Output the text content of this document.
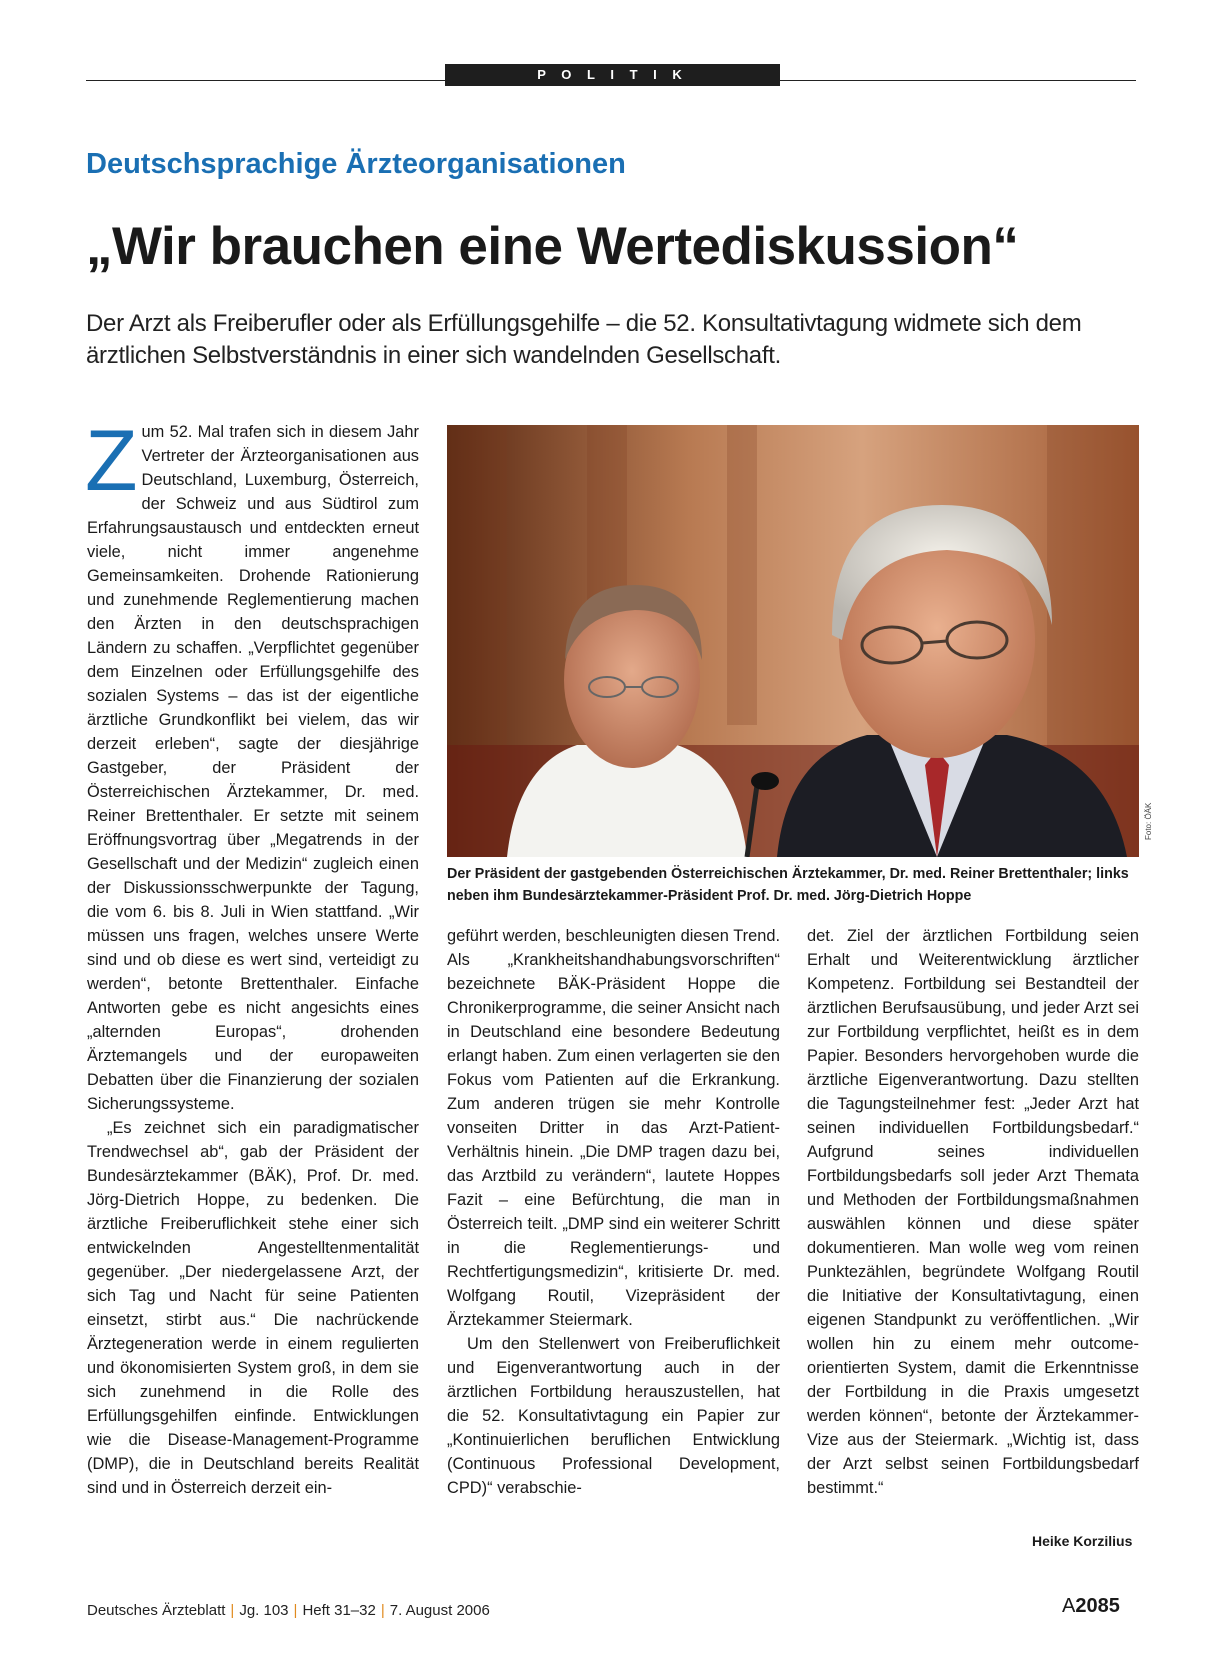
P O L I T I K
Deutschsprachige Ärzteorganisationen
„Wir brauchen eine Wertediskussion“

Der Arzt als Freiberufler oder als Erfüllungsgehilfe – die 52. Konsultativtagung widmete sich dem ärztlichen Selbstverständnis in einer sich wandelnden Gesellschaft.

Zum 52. Mal trafen sich in diesem Jahr Vertreter der Ärzteorganisationen aus Deutschland, Luxemburg, Österreich, der Schweiz und aus Südtirol zum Erfahrungsaustausch und entdeckten erneut viele, nicht immer angenehme Gemeinsamkeiten. Drohende Rationierung und zunehmende Reglementierung machen den Ärzten in den deutschsprachigen Ländern zu schaffen. „Verpflichtet gegenüber dem Einzelnen oder Erfüllungsgehilfe des sozialen Systems – das ist der eigentliche ärztliche Grundkonflikt bei vielem, das wir derzeit erleben“, sagte der diesjährige Gastgeber, der Präsident der Österreichischen Ärztekammer, Dr. med. Reiner Brettenthaler. Er setzte mit seinem Eröffnungsvortrag über „Megatrends in der Gesellschaft und der Medizin“ zugleich einen der Diskussionsschwerpunkte der Tagung, die vom 6. bis 8. Juli in Wien stattfand. „Wir müssen uns fragen, welches unsere Werte sind und ob diese es wert sind, verteidigt zu werden“, betonte Brettenthaler. Einfache Antworten gebe es nicht angesichts eines „alternden Europas“, drohenden Ärztemangels und der europaweiten Debatten über die Finanzierung der sozialen Sicherungssysteme.

„Es zeichnet sich ein paradigmatischer Trendwechsel ab“, gab der Präsident der Bundesärztekammer (BÄK), Prof. Dr. med. Jörg-Dietrich Hoppe, zu bedenken. Die ärztliche Freiberuflichkeit stehe einer sich entwickelnden Angestelltenmentalität gegenüber. „Der niedergelassene Arzt, der sich Tag und Nacht für seine Patienten einsetzt, stirbt aus.“ Die nachrückende Ärztegeneration werde in einem regulierten und ökonomisierten System groß, in dem sie sich zunehmend in die Rolle des Erfüllungsgehilfen einfinde. Entwicklungen wie die Disease-Management-Programme (DMP), die in Deutschland bereits Realität sind und in Österreich derzeit ein-

Foto: ÖÄK

Der Präsident der gastgebenden Österreichischen Ärztekammer, Dr. med. Reiner Brettenthaler; links neben ihm Bundesärztekammer-Präsident Prof. Dr. med. Jörg-Dietrich Hoppe

geführt werden, beschleunigten diesen Trend. Als „Krankheitshandhabungsvorschriften“ bezeichnete BÄK-Präsident Hoppe die Chronikerprogramme, die seiner Ansicht nach in Deutschland eine besondere Bedeutung erlangt haben. Zum einen verlagerten sie den Fokus vom Patienten auf die Erkrankung. Zum anderen trügen sie mehr Kontrolle vonseiten Dritter in das Arzt-Patient-Verhältnis hinein. „Die DMP tragen dazu bei, das Arztbild zu verändern“, lautete Hoppes Fazit – eine Befürchtung, die man in Österreich teilt. „DMP sind ein weiterer Schritt in die Reglementierungs- und Rechtfertigungsmedizin“, kritisierte Dr. med. Wolfgang Routil, Vizepräsident der Ärztekammer Steiermark.

Um den Stellenwert von Freiberuflichkeit und Eigenverantwortung auch in der ärztlichen Fortbildung herauszustellen, hat die 52. Konsultativtagung ein Papier zur „Kontinuierlichen beruflichen Entwicklung (Continuous Professional Development, CPD)“ verabschie-

det. Ziel der ärztlichen Fortbildung seien Erhalt und Weiterentwicklung ärztlicher Kompetenz. Fortbildung sei Bestandteil der ärztlichen Berufsausübung, und jeder Arzt sei zur Fortbildung verpflichtet, heißt es in dem Papier. Besonders hervorgehoben wurde die ärztliche Eigenverantwortung. Dazu stellten die Tagungsteilnehmer fest: „Jeder Arzt hat seinen individuellen Fortbildungsbedarf.“ Aufgrund seines individuellen Fortbildungsbedarfs soll jeder Arzt Themata und Methoden der Fortbildungsmaßnahmen auswählen können und diese später dokumentieren. Man wolle weg vom reinen Punktezählen, begründete Wolfgang Routil die Initiative der Konsultativtagung, einen eigenen Standpunkt zu veröffentlichen. „Wir wollen hin zu einem mehr outcome-orientierten System, damit die Erkenntnisse der Fortbildung in die Praxis umgesetzt werden können“, betonte der Ärztekammer-Vize aus der Steiermark. „Wichtig ist, dass der Arzt selbst seinen Fortbildungsbedarf bestimmt.“

Heike Korzilius
Deutsches Ärzteblatt | Jg. 103 | Heft 31–32 | 7. August 2006	A2085
